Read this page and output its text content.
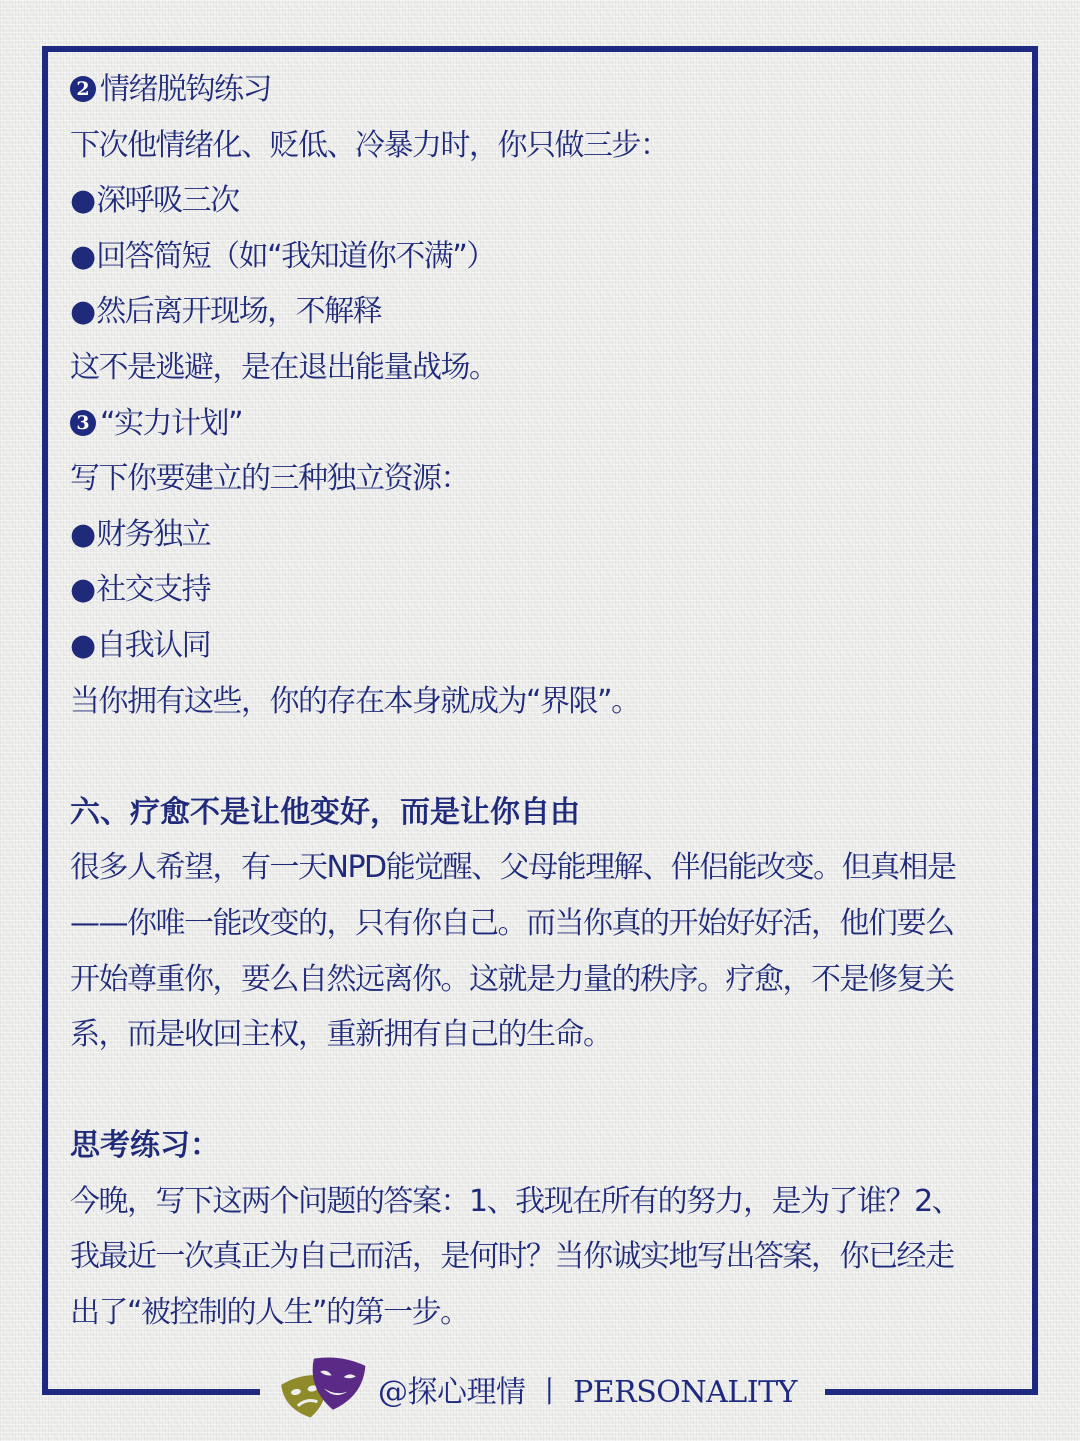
2 情绪脱钩练习
下次他情绪化、贬低、冷暴力时，你只做三步：
●深呼吸三次
●回答简短（如“我知道你不满”）
●然后离开现场，不解释
这不是逃避，是在退出能量战场。
3 “实力计划”
写下你要建立的三种独立资源：
●财务独立
●社交支持
●自我认同
当你拥有这些，你的存在本身就成为“界限”。
六、疗愈不是让他变好，而是让你自由
很多人希望，有一天NPD能觉醒、父母能理解、伴侣能改变。但真相是
——你唯一能改变的，只有你自己。而当你真的开始好好活，他们要么
开始尊重你，要么自然远离你。这就是力量的秩序。疗愈，不是修复关
系，而是收回主权，重新拥有自己的生命。
思考练习：
今晚，写下这两个问题的答案：1、我现在所有的努力，是为了谁？2、
我最近一次真正为自己而活，是何时？当你诚实地写出答案，你已经走
出了“被控制的人生”的第一步。
@探心理情 丨 PERSONALITY
